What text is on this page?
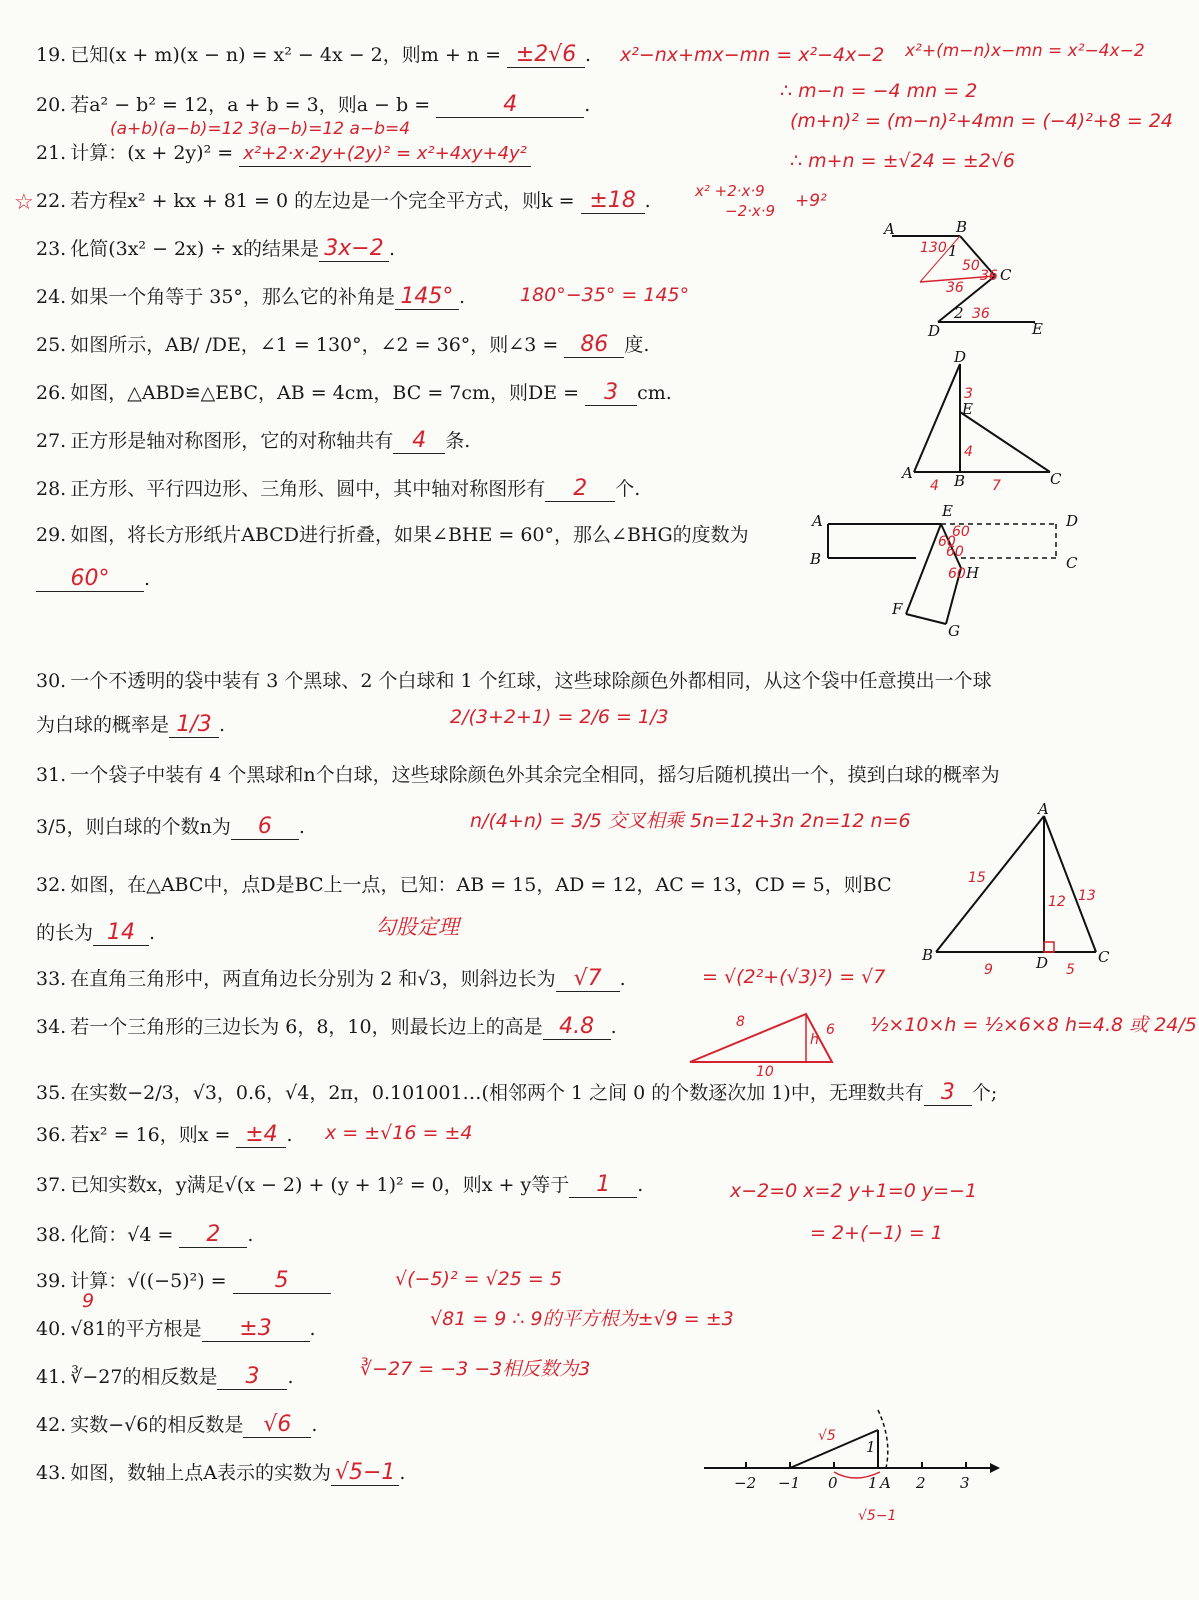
☆
19. 已知(x + m)(x − n) = x² − 4x − 2，则m + n = ±2√6 .
20. 若a² − b² = 12，a + b = 3，则a − b =	4	.
21. 计算：(x + 2y)² = x²+2·x·2y+(2y)² = x²+4xy+4y²
22. 若方程x² + kx + 81 = 0 的左边是一个完全平方式，则k = ±18 .
23. 化简(3x² − 2x) ÷ x的结果是 3x−2 .
24. 如果一个角等于 35°，那么它的补角是 145° .
25. 如图所示，AB/ /DE，∠1 = 130°，∠2 = 36°，则∠3 = 86 度.
26. 如图，△ABD≌△EBC，AB = 4cm，BC = 7cm，则DE = 3 cm.
27. 正方形是轴对称图形，它的对称轴共有 4 条.
28. 正方形、平行四边形、三角形、圆中，其中轴对称图形有 2 个.
29. 如图，将长方形纸片ABCD进行折叠，如果∠BHE = 60°，那么∠BHG的度数为
60° .
30. 一个不透明的袋中装有 3 个黑球、2 个白球和 1 个红球，这些球除颜色外都相同，从这个袋中任意摸出一个球
为白球的概率是 1/3 .
31. 一个袋子中装有 4 个黑球和n个白球，这些球除颜色外其余完全相同，摇匀后随机摸出一个，摸到白球的概率为
3/5，则白球的个数n为 6 .
32. 如图，在△ABC中，点D是BC上一点，已知：AB = 15，AD = 12，AC = 13，CD = 5，则BC
的长为 14 .
33. 在直角三角形中，两直角边长分别为 2 和√3，则斜边长为 √7 .
34. 若一个三角形的三边长为 6，8，10，则最长边上的高是 4.8 .
35. 在实数−2/3，√3，0.6，√4，2π，0.101001…(相邻两个 1 之间 0 的个数逐次加 1)中，无理数共有 3 个;
36. 若x² = 16，则x = ±4 .
37. 已知实数x，y满足√(x − 2) + (y + 1)² = 0，则x + y等于 1 .
38. 化简：√4 = 2 .
39. 计算：√((−5)²) = 5
40. √81的平方根是 ±3 .
41. ∛−27的相反数是 3 .
42. 实数−√6的相反数是 √6 .
43. 如图，数轴上点A表示的实数为 √5−1 .
x²−nx+mx−mn = x²−4x−2 x²+(m−n)x−mn = x²−4x−2
∴ m−n = −4 mn = 2
(m+n)² = (m−n)²+4mn = (−4)²+8 = 24
∴ m+n = ±√24 = ±2√6
(a+b)(a−b)=12 3(a−b)=12 a−b=4
x² +2·x·9
−2·x·9 +9²
180°−35° = 145°
2/(3+2+1) = 2/6 = 1/3
n/(4+n) = 3/5 交叉相乘 5n=12+3n 2n=12 n=6
勾股定理
= √(2²+(√3)²) = √7
½×10×h = ½×6×8 h=4.8 或 24/5
x = ±√16 = ±4
x−2=0 x=2 y+1=0 y=−1
= 2+(−1) = 1
√(−5)² = √25 = 5
√81 = 9 ∴ 9的平方根为±√9 = ±3
∛−27 = −3 −3相反数为3
9
A	B
C
D	E
1
2
130
50
36
36
36
D
E
A	B	C
3
4
4	7
A
B
E
D
C
H
F
G
60
60
60
60
A
B	D	C
15
12 13
9	5
8	6
10
h
−2 −1 0 1 A 2 3
√5
1
√5−1
